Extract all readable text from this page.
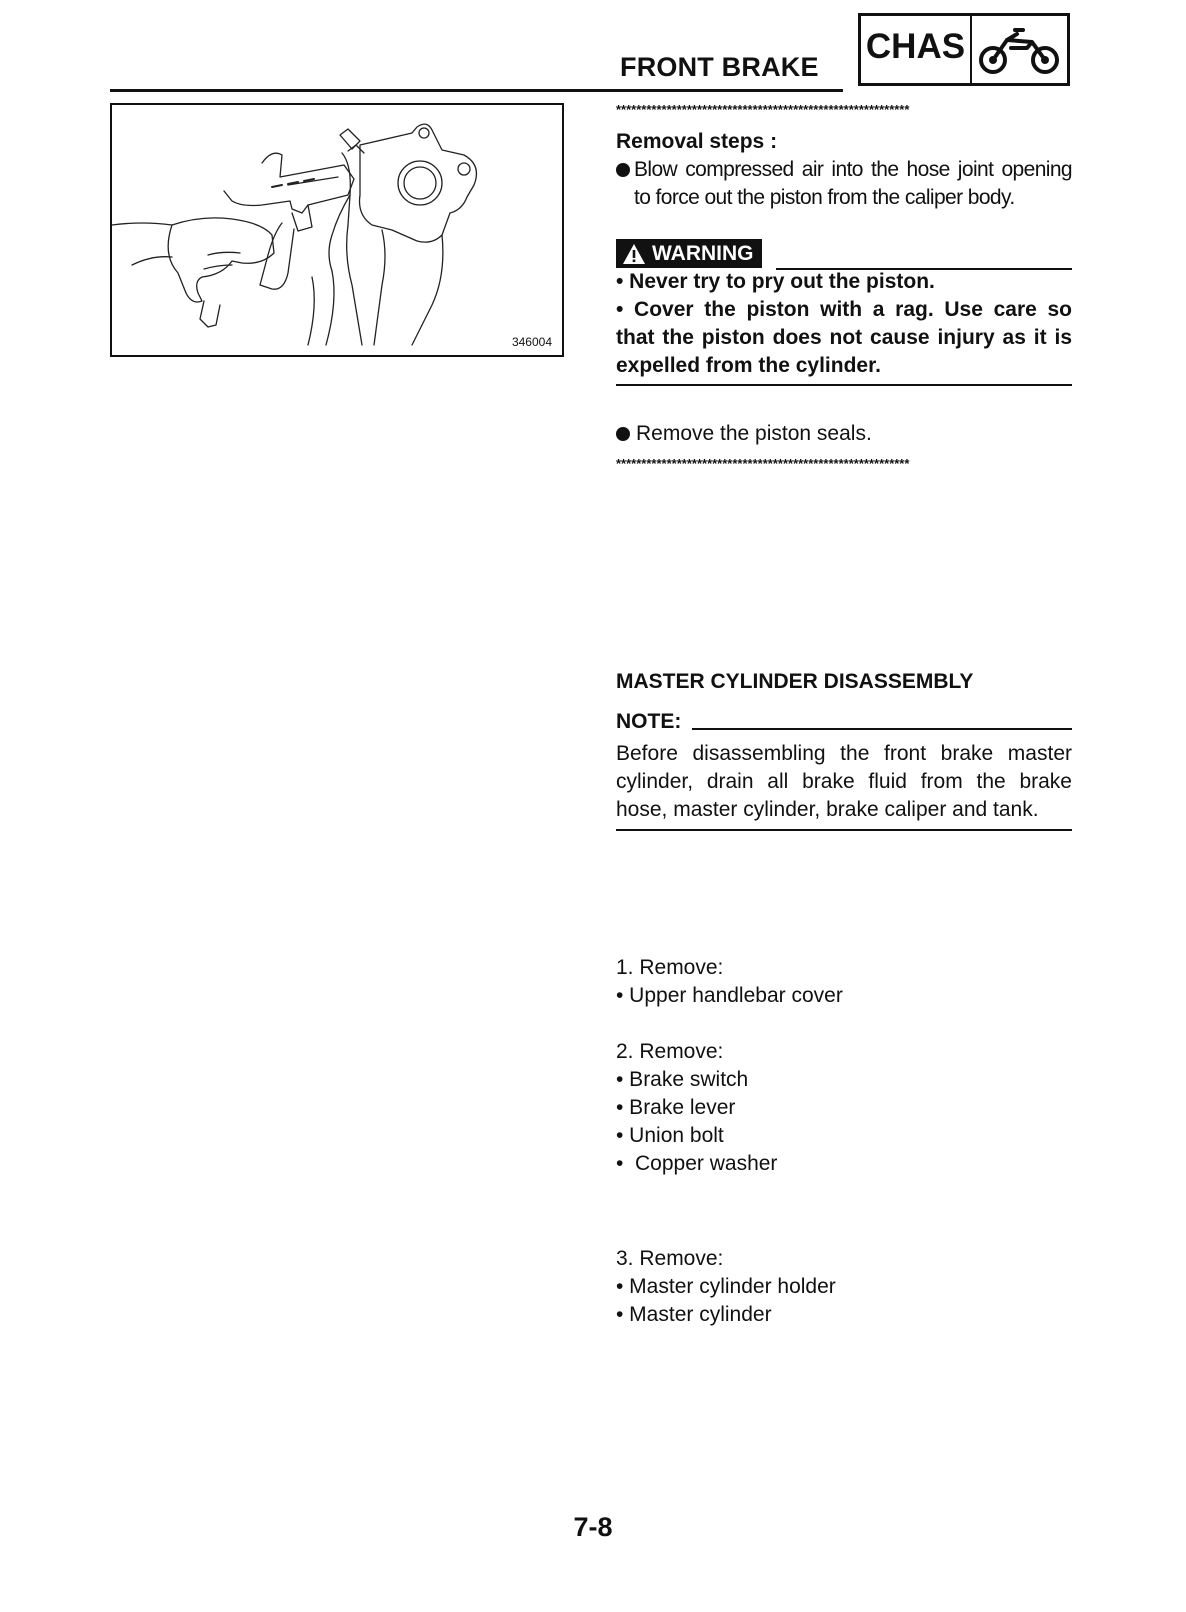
FRONT BRAKE
CHAS
346004
**********************************************************
Removal steps :
Blow compressed air into the hose joint opening to force out the piston from the caliper body.
WARNING
• Never try to pry out the piston.
• Cover the piston with a rag. Use care so that the piston does not cause injury as it is expelled from the cylinder.
Remove the piston seals.
**********************************************************
MASTER CYLINDER DISASSEMBLY
NOTE:
Before disassembling the front brake master cylinder, drain all brake fluid from the brake hose, master cylinder, brake caliper and tank.
1. Remove:
• Upper handlebar cover
2. Remove:
• Brake switch
• Brake lever
• Union bolt
•  Copper washer
3. Remove:
• Master cylinder holder
• Master cylinder
7-8
